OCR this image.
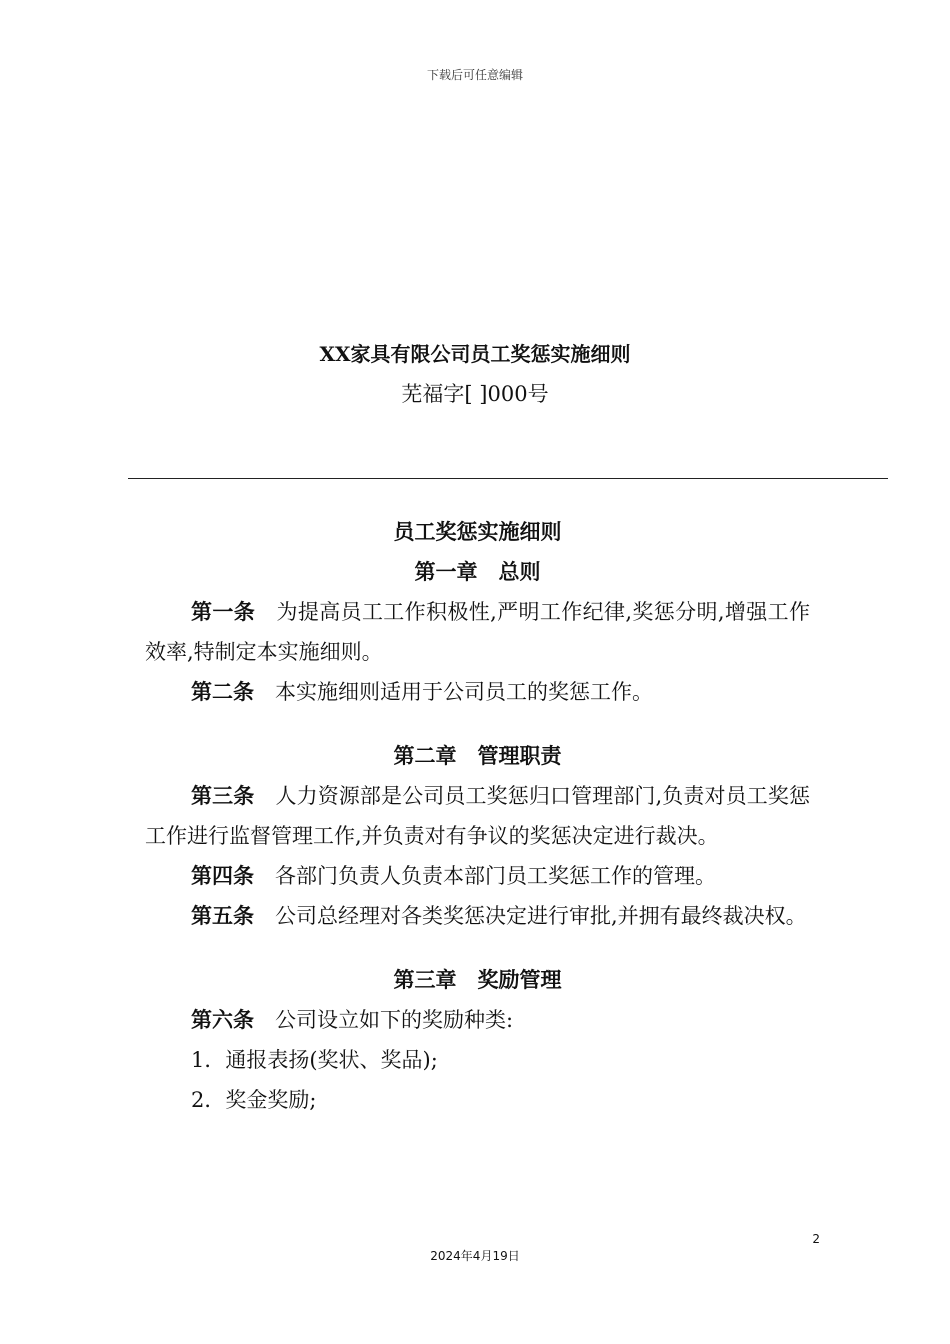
下载后可任意编辑
XX家具有限公司员工奖惩实施细则
芜福字[ ]000号
员工奖惩实施细则
第一章　总则
第一条　 为提高员工工作积极性,严明工作纪律,奖惩分明,增强工作效率,特制定本实施细则。
第二条　 本实施细则适用于公司员工的奖惩工作。
第二章　管理职责
第三条　 人力资源部是公司员工奖惩归口管理部门,负责对员工奖惩工作进行监督管理工作,并负责对有争议的奖惩决定进行裁决。
第四条　 各部门负责人负责本部门员工奖惩工作的管理。
第五条　 公司总经理对各类奖惩决定进行审批,并拥有最终裁决权。
第三章　奖励管理
第六条　 公司设立如下的奖励种类:
1．通报表扬(奖状、奖品);
2．奖金奖励;
2
2024年4月19日
